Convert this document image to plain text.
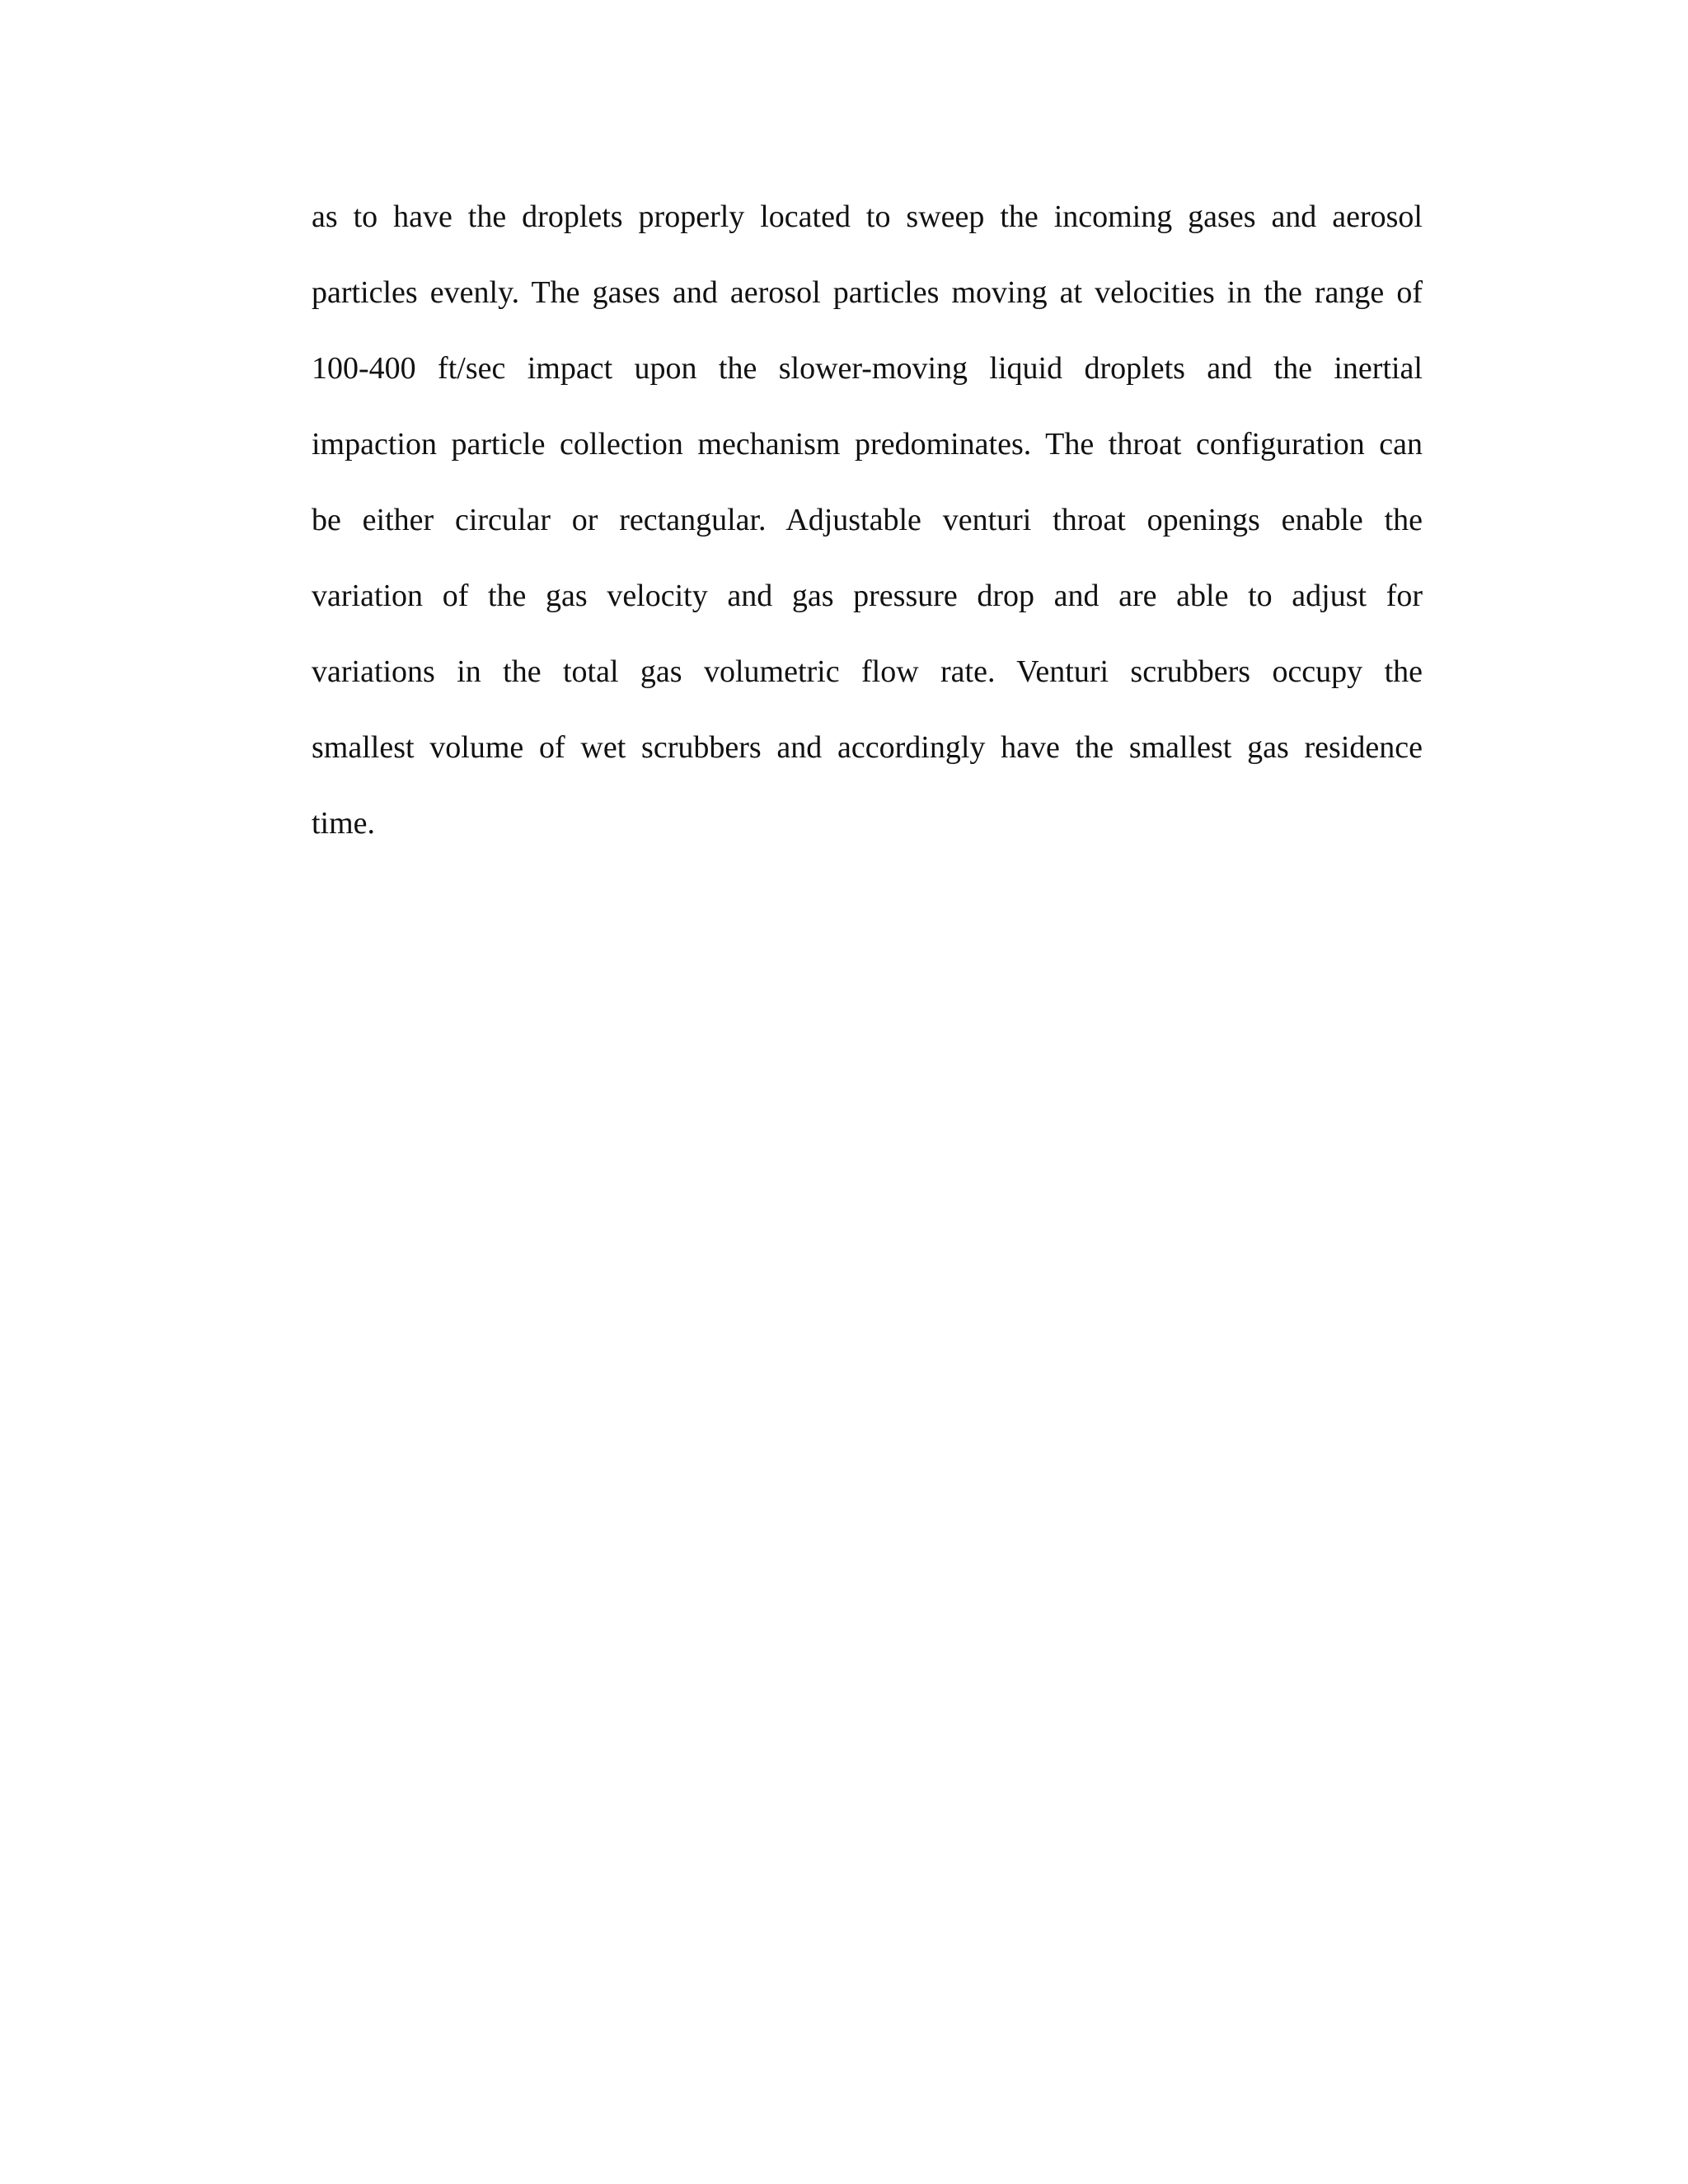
as to have the droplets properly located to sweep the incoming gases and aerosol
particles evenly. The gases and aerosol particles moving at velocities in the range of
100-400 ft/sec impact upon the slower-moving liquid droplets and the inertial
impaction particle collection mechanism predominates. The throat configuration can
be either circular or rectangular. Adjustable venturi throat openings enable the
variation of the gas velocity and gas pressure drop and are able to adjust for
variations in the total gas volumetric flow rate. Venturi scrubbers occupy the
smallest volume of wet scrubbers and accordingly have the smallest gas residence
time.
